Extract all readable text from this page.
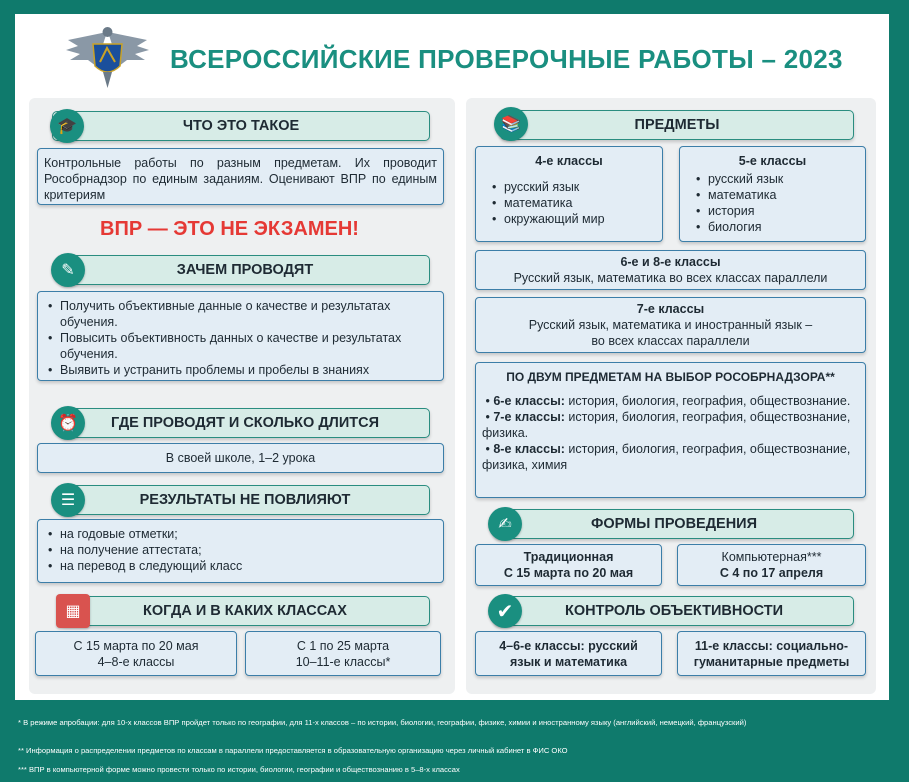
ВСЕРОССИЙСКИЕ ПРОВЕРОЧНЫЕ РАБОТЫ – 2023
ЧТО ЭТО ТАКОЕ
🎓
Контрольные работы по разным предметам. Их проводит Рособрнадзор по единым заданиям. Оценивают ВПР по единым критериям
ВПР — ЭТО НЕ ЭКЗАМЕН!
ЗАЧЕМ ПРОВОДЯТ
✎
• Получить объективные данные о качестве и результатах обучения.
• Повысить объективность данных о качестве и результатах обучения.
• Выявить и устранить проблемы и пробелы в знаниях
ГДЕ ПРОВОДЯТ И СКОЛЬКО ДЛИТСЯ
⏰
В своей школе, 1–2 урока
РЕЗУЛЬТАТЫ НЕ ПОВЛИЯЮТ
☰
• на годовые отметки;
• на получение аттестата;
• на перевод в следующий класс
КОГДА И В КАКИХ КЛАССАХ
▦
С 15 марта по 20 мая
4–8-е классы
С 1 по 25 марта
10–11-е классы*
ПРЕДМЕТЫ
📚
4-е классы
• русский язык
• математика
• окружающий мир
5-е классы
• русский язык
• математика
• история
• биология
6-е и 8-е классы
Русский язык, математика во всех классах параллели
7-е классы
Русский язык, математика и иностранный язык –
во всех классах параллели
ПО ДВУМ ПРЕДМЕТАМ НА ВЫБОР РОСОБРНАДЗОРА**
• 6-е классы: история, биология, география, обществознание.
• 7-е классы: история, биология, география, обществознание, физика.
• 8-е классы: история, биология, география, обществознание, физика, химия
ФОРМЫ ПРОВЕДЕНИЯ
✍
Традиционная
С 15 марта по 20 мая
Компьютерная***
С 4 по 17 апреля
КОНТРОЛЬ ОБЪЕКТИВНОСТИ
✔
4–6-е классы: русский
язык и математика
11-е классы: социально-
гуманитарные предметы
* В режиме апробации: для 10-х классов ВПР пройдет только по географии, для 11-х классов – по истории, биологии, географии, физике, химии и иностранному языку (английский, немецкий, французский)
** Информация о распределении предметов по классам в параллели предоставляется в образовательную организацию через личный кабинет в ФИС ОКО
*** ВПР в компьютерной форме можно провести только по истории, биологии, географии и обществознанию в 5–8-х классах
